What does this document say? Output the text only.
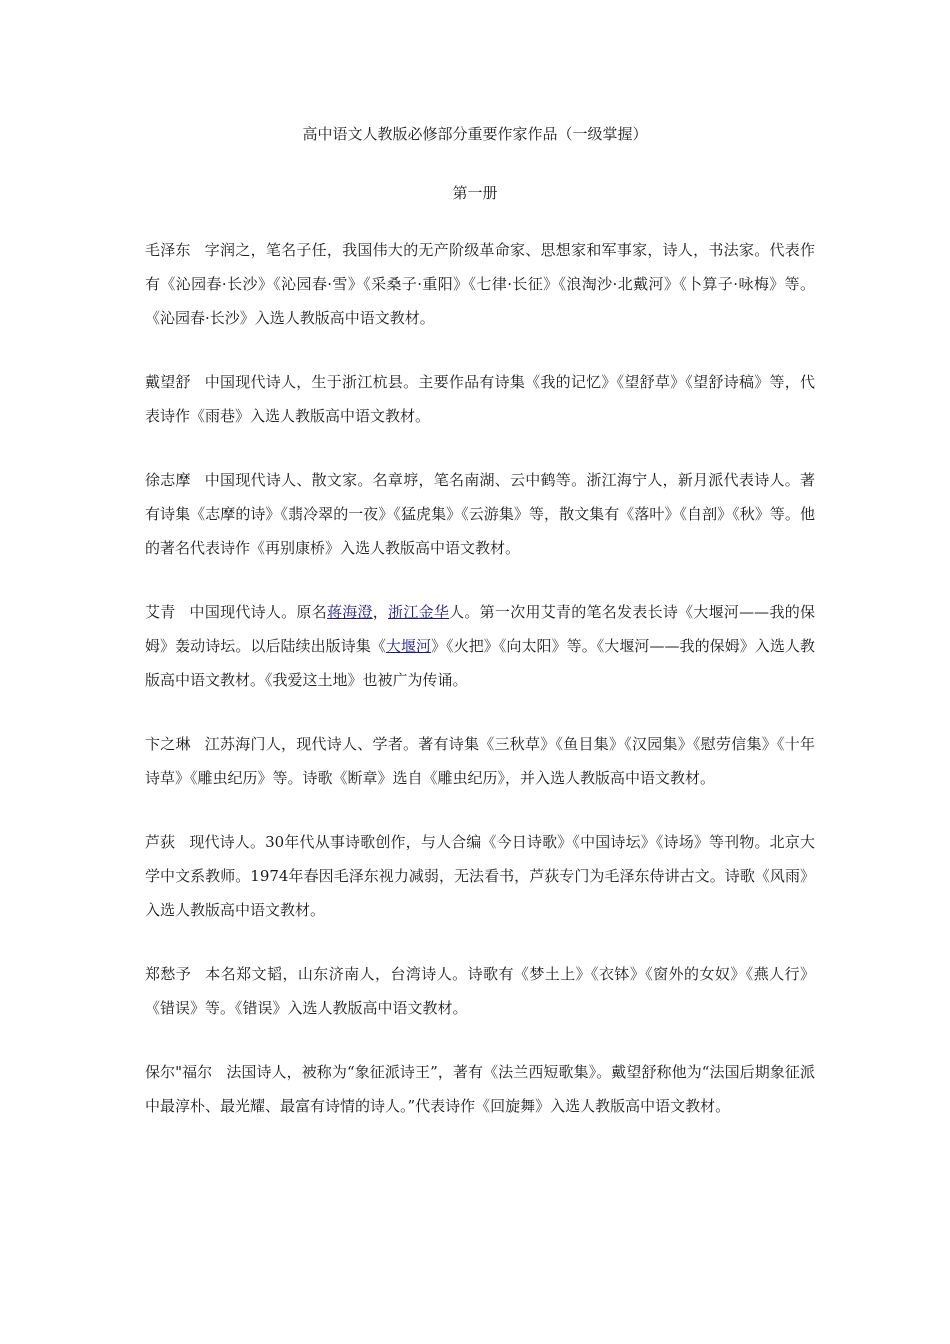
高中语文人教版必修部分重要作家作品（一级掌握）
第一册

毛泽东 字润之，笔名子任，我国伟大的无产阶级革命家、思想家和军事家，诗人，书法家。代表作有《沁园春·长沙》《沁园春·雪》《采桑子·重阳》《七律·长征》《浪淘沙·北戴河》《卜算子·咏梅》等。《沁园春·长沙》入选人教版高中语文教材。

戴望舒 中国现代诗人，生于浙江杭县。主要作品有诗集《我的记忆》《望舒草》《望舒诗稿》等，代表诗作《雨巷》入选人教版高中语文教材。

徐志摩 中国现代诗人、散文家。名章垿，笔名南湖、云中鹤等。浙江海宁人，新月派代表诗人。著有诗集《志摩的诗》《翡冷翠的一夜》《猛虎集》《云游集》等，散文集有《落叶》《自剖》《秋》等。他的著名代表诗作《再别康桥》入选人教版高中语文教材。

艾青 中国现代诗人。原名蒋海澄，浙江金华人。第一次用艾青的笔名发表长诗《大堰河——我的保姆》轰动诗坛。以后陆续出版诗集《大堰河》《火把》《向太阳》等。《大堰河——我的保姆》入选人教版高中语文教材。《我爱这土地》也被广为传诵。

卞之琳 江苏海门人，现代诗人、学者。著有诗集《三秋草》《鱼目集》《汉园集》《慰劳信集》《十年诗草》《雕虫纪历》等。诗歌《断章》选自《雕虫纪历》，并入选人教版高中语文教材。

芦荻 现代诗人。30年代从事诗歌创作，与人合编《今日诗歌》《中国诗坛》《诗场》等刊物。北京大学中文系教师。1974年春因毛泽东视力减弱，无法看书，芦荻专门为毛泽东侍讲古文。诗歌《风雨》入选人教版高中语文教材。

郑愁予 本名郑文韬，山东济南人，台湾诗人。诗歌有《梦土上》《衣钵》《窗外的女奴》《燕人行》《错误》等。《错误》入选人教版高中语文教材。

保尔"福尔 法国诗人，被称为“象征派诗王”，著有《法兰西短歌集》。戴望舒称他为“法国后期象征派中最淳朴、最光耀、最富有诗情的诗人。”代表诗作《回旋舞》入选人教版高中语文教材。
